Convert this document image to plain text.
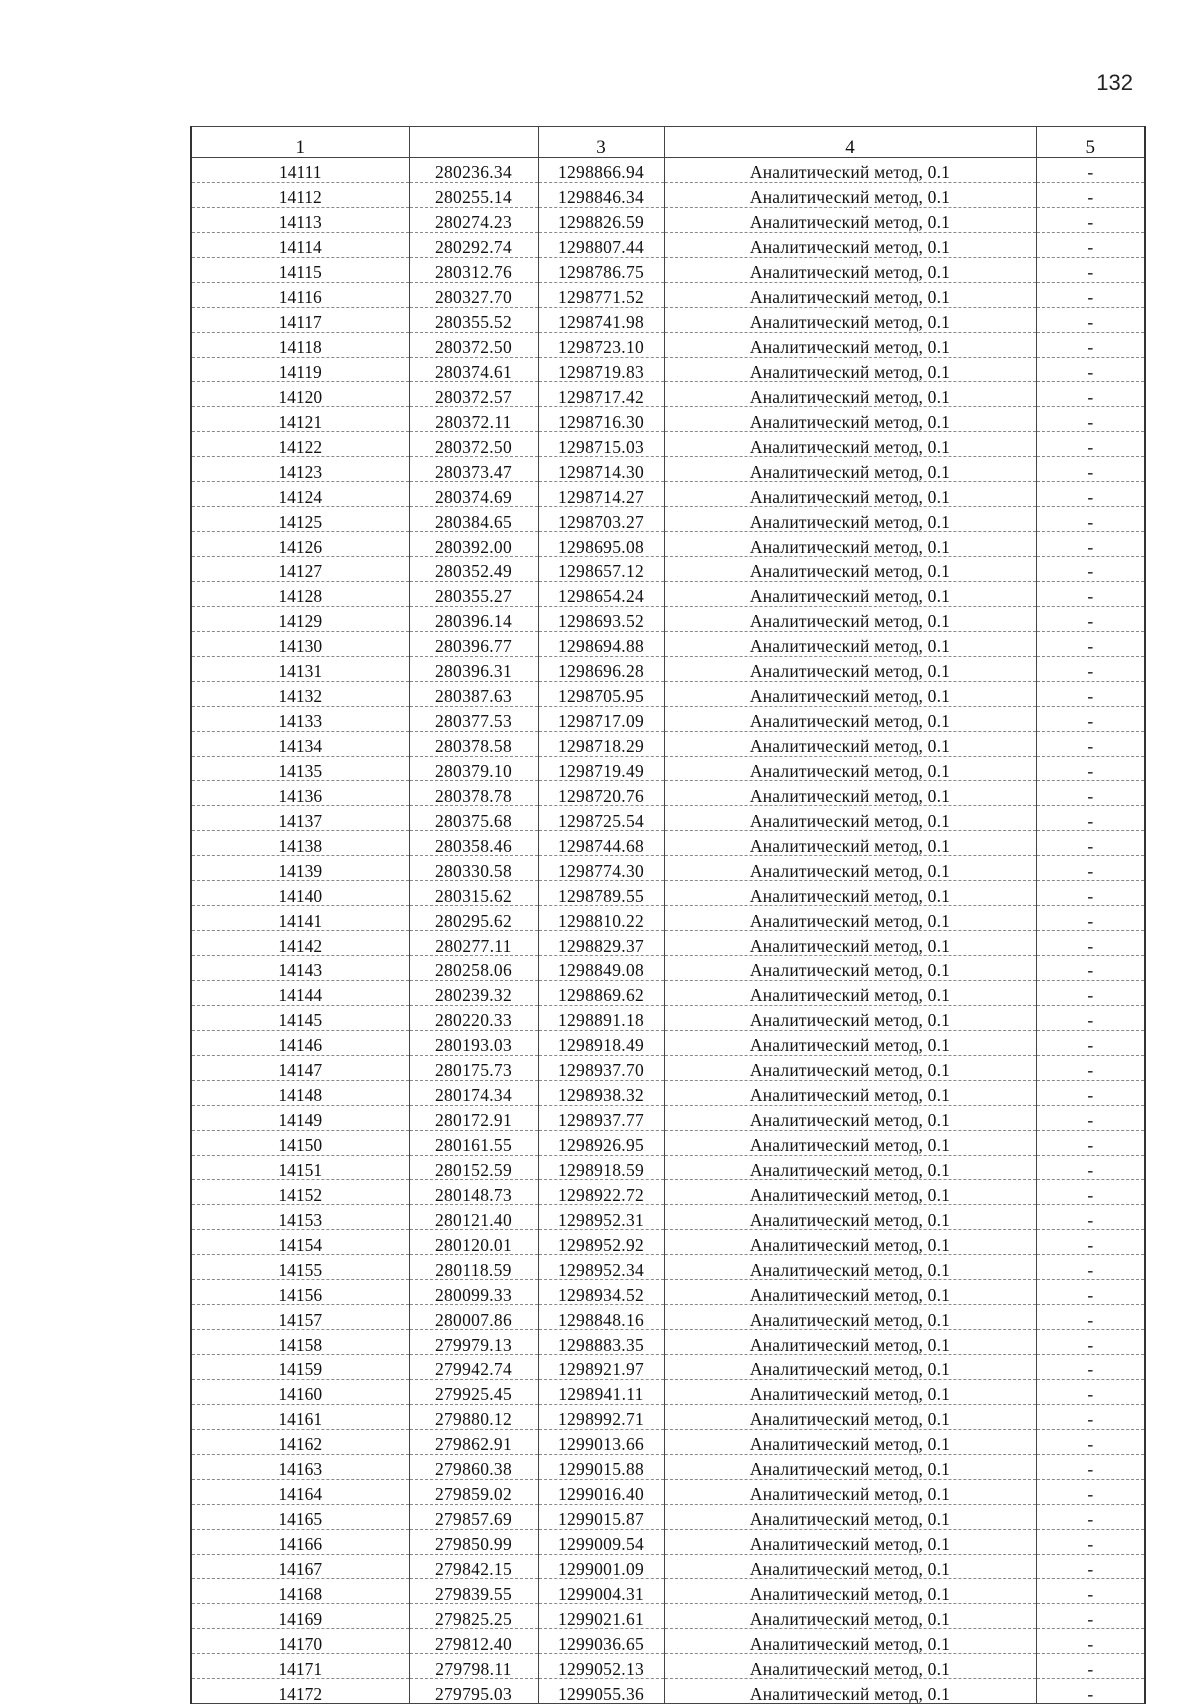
132
1		3	4	5
14111	280236.34	1298866.94	Аналитический метод, 0.1	-
14112	280255.14	1298846.34	Аналитический метод, 0.1	-
14113	280274.23	1298826.59	Аналитический метод, 0.1	-
14114	280292.74	1298807.44	Аналитический метод, 0.1	-
14115	280312.76	1298786.75	Аналитический метод, 0.1	-
14116	280327.70	1298771.52	Аналитический метод, 0.1	-
14117	280355.52	1298741.98	Аналитический метод, 0.1	-
14118	280372.50	1298723.10	Аналитический метод, 0.1	-
14119	280374.61	1298719.83	Аналитический метод, 0.1	-
14120	280372.57	1298717.42	Аналитический метод, 0.1	-
14121	280372.11	1298716.30	Аналитический метод, 0.1	-
14122	280372.50	1298715.03	Аналитический метод, 0.1	-
14123	280373.47	1298714.30	Аналитический метод, 0.1	-
14124	280374.69	1298714.27	Аналитический метод, 0.1	-
14125	280384.65	1298703.27	Аналитический метод, 0.1	-
14126	280392.00	1298695.08	Аналитический метод, 0.1	-
14127	280352.49	1298657.12	Аналитический метод, 0.1	-
14128	280355.27	1298654.24	Аналитический метод, 0.1	-
14129	280396.14	1298693.52	Аналитический метод, 0.1	-
14130	280396.77	1298694.88	Аналитический метод, 0.1	-
14131	280396.31	1298696.28	Аналитический метод, 0.1	-
14132	280387.63	1298705.95	Аналитический метод, 0.1	-
14133	280377.53	1298717.09	Аналитический метод, 0.1	-
14134	280378.58	1298718.29	Аналитический метод, 0.1	-
14135	280379.10	1298719.49	Аналитический метод, 0.1	-
14136	280378.78	1298720.76	Аналитический метод, 0.1	-
14137	280375.68	1298725.54	Аналитический метод, 0.1	-
14138	280358.46	1298744.68	Аналитический метод, 0.1	-
14139	280330.58	1298774.30	Аналитический метод, 0.1	-
14140	280315.62	1298789.55	Аналитический метод, 0.1	-
14141	280295.62	1298810.22	Аналитический метод, 0.1	-
14142	280277.11	1298829.37	Аналитический метод, 0.1	-
14143	280258.06	1298849.08	Аналитический метод, 0.1	-
14144	280239.32	1298869.62	Аналитический метод, 0.1	-
14145	280220.33	1298891.18	Аналитический метод, 0.1	-
14146	280193.03	1298918.49	Аналитический метод, 0.1	-
14147	280175.73	1298937.70	Аналитический метод, 0.1	-
14148	280174.34	1298938.32	Аналитический метод, 0.1	-
14149	280172.91	1298937.77	Аналитический метод, 0.1	-
14150	280161.55	1298926.95	Аналитический метод, 0.1	-
14151	280152.59	1298918.59	Аналитический метод, 0.1	-
14152	280148.73	1298922.72	Аналитический метод, 0.1	-
14153	280121.40	1298952.31	Аналитический метод, 0.1	-
14154	280120.01	1298952.92	Аналитический метод, 0.1	-
14155	280118.59	1298952.34	Аналитический метод, 0.1	-
14156	280099.33	1298934.52	Аналитический метод, 0.1	-
14157	280007.86	1298848.16	Аналитический метод, 0.1	-
14158	279979.13	1298883.35	Аналитический метод, 0.1	-
14159	279942.74	1298921.97	Аналитический метод, 0.1	-
14160	279925.45	1298941.11	Аналитический метод, 0.1	-
14161	279880.12	1298992.71	Аналитический метод, 0.1	-
14162	279862.91	1299013.66	Аналитический метод, 0.1	-
14163	279860.38	1299015.88	Аналитический метод, 0.1	-
14164	279859.02	1299016.40	Аналитический метод, 0.1	-
14165	279857.69	1299015.87	Аналитический метод, 0.1	-
14166	279850.99	1299009.54	Аналитический метод, 0.1	-
14167	279842.15	1299001.09	Аналитический метод, 0.1	-
14168	279839.55	1299004.31	Аналитический метод, 0.1	-
14169	279825.25	1299021.61	Аналитический метод, 0.1	-
14170	279812.40	1299036.65	Аналитический метод, 0.1	-
14171	279798.11	1299052.13	Аналитический метод, 0.1	-
14172	279795.03	1299055.36	Аналитический метод, 0.1	-
